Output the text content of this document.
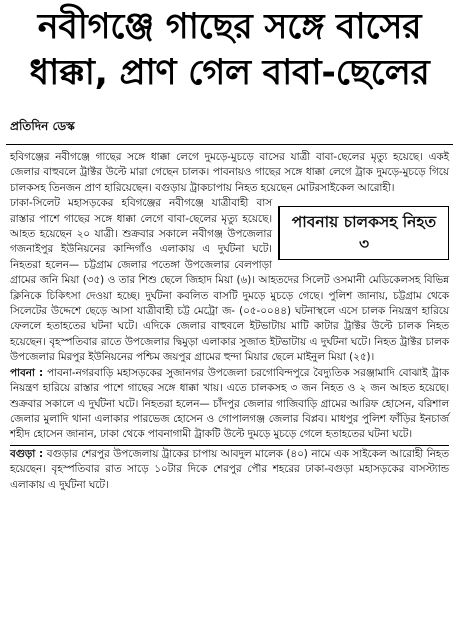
নবীগঞ্জে গাছের সঙ্গে বাসের ধাক্কা, প্রাণ গেল বাবা-ছেলের
প্রতিদিন ডেস্ক

হবিগঞ্জের নবীগঞ্জে গাছের সঙ্গে ধাক্কা লেগে দুমড়ে-মুচড়ে বাসের যাত্রী বাবা-ছেলের মৃত্যু হয়েছে। একই জেলার বাহুবলে ট্রাক্টর উল্টে মারা গেছেন চালক। পাবনায়ও গাছের সঙ্গে ধাক্কা লেগে ট্রাক দুমড়ে-মুচড়ে গিয়ে চালকসহ তিনজন প্রাণ হারিয়েছেন। বগুড়ায় ট্রাকচাপায় নিহত হয়েছেন মোটরসাইকেল আরোহী।

পাবনায় চালকসহ নিহত ৩

ঢাকা-সিলেট মহাসড়কের হবিগঞ্জের নবীগঞ্জে যাত্রীবাহী বাস রাস্তার পাশে গাছের সঙ্গে ধাক্কা লেগে বাবা-ছেলের মৃত্যু হয়েছে। আহত হয়েছেন ২০ যাত্রী। শুক্রবার সকালে নবীগঞ্জ উপজেলার গজনাইপুর ইউনিয়নের কান্দিগাঁও এলাকায় এ দুর্ঘটনা ঘটে। নিহতরা হলেন— চট্টগ্রাম জেলার পতেঙ্গা উপজেলার বেলপাড়া গ্রামের জনি মিয়া (৩৫) ও তার শিশু ছেলে জিহাদ মিয়া (৬)। আহতদের সিলেট ওসমানী মেডিকেলসহ বিভিন্ন ক্লিনিকে চিকিৎসা দেওয়া হচ্ছে। দুর্ঘটনা কবলিত বাসটি দুমড়ে মুচড়ে গেছে। পুলিশ জানায়, চট্টগ্রাম থেকে সিলেটের উদ্দেশে ছেড়ে আসা যাত্রীবাহী চট্ট মেট্রো জ- (০৫-০০৪৪) ঘটনাস্থলে এসে চালক নিয়ন্ত্রণ হারিয়ে ফেললে হতাহতের ঘটনা ঘটে। এদিকে জেলার বাহুবলে ইটভাটায় মাটি কাটার ট্রাক্টর উল্টে চালক নিহত হয়েছেন। বৃহস্পতিবার রাতে উপজেলার দ্বিমুড়া এলাকার সুজাত ইটভাটায় এ দুর্ঘটনা ঘটে। নিহত ট্রাক্টর চালক উপজেলার মিরপুর ইউনিয়নের পশ্চিম জয়পুর গ্রামের হুন্দা মিয়ার ছেলে মাইনুল মিয়া (২৫)।

পাবনা : পাবনা-নগরবাড়ি মহাসড়কের সুজানগর উপজেলা চরগোবিন্দপুরে বৈদ্যুতিক সরঞ্জামাদি বোঝাই ট্রাক নিয়ন্ত্রণ হারিয়ে রাস্তার পাশে গাছের সঙ্গে ধাক্কা খায়। এতে চালকসহ ৩ জন নিহত ও ২ জন আহত হয়েছে। শুক্রবার সকালে এ দুর্ঘটনা ঘটে। নিহতরা হলেন— চাঁদপুর জেলার গাজিবাড়ি গ্রামের আরিফ হোসেন, বরিশাল জেলার মুলাদি থানা এলাকার পারভেজ হোসেন ও গোপালগঞ্জ জেলার বিপ্লব। মাধপুর পুলিশ ফাঁড়ির ইনচার্জ শহীদ হোসেন জানান, ঢাকা থেকে পাবনাগামী ট্রাকটি উল্টে দুমড়ে মুচড়ে গেলে হতাহতের ঘটনা ঘটে।

বগুড়া : বগুড়ার শেরপুর উপজেলায় ট্রাকের চাপায় আবদুল মালেক (৪০) নামে এক সাইকেল আরোহী নিহত হয়েছেন। বৃহস্পতিবার রাত সাড়ে ১০টার দিকে শেরপুর পৌর শহরের ঢাকা-বগুড়া মহাসড়কের বাসস্ট্যান্ড এলাকায় এ দুর্ঘটনা ঘটে।
